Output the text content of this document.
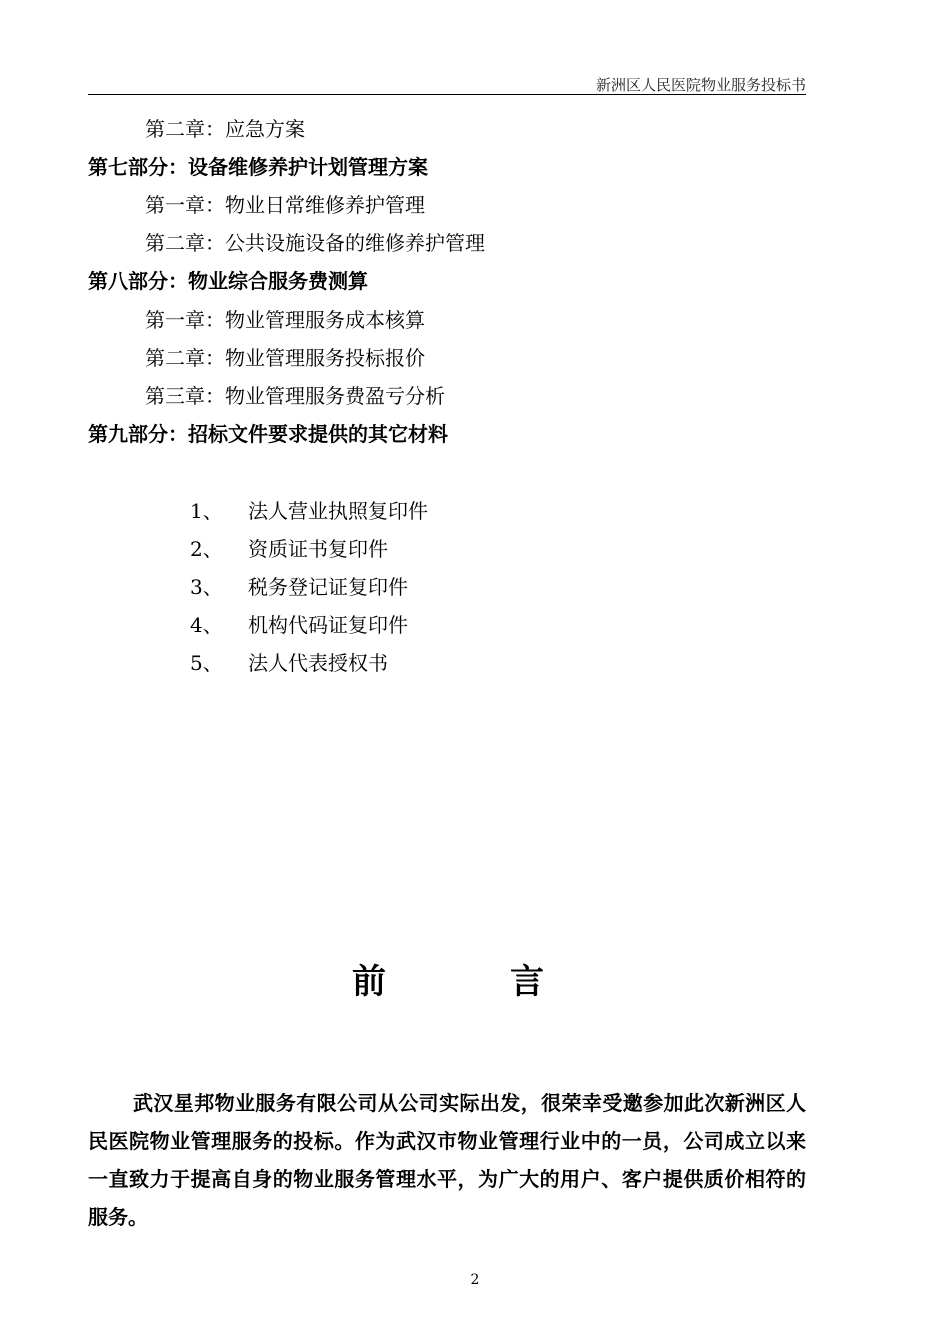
新洲区人民医院物业服务投标书
第二章：应急方案
第七部分：设备维修养护计划管理方案
第一章：物业日常维修养护管理
第二章：公共设施设备的维修养护管理
第八部分：物业综合服务费测算
第一章：物业管理服务成本核算
第二章：物业管理服务投标报价
第三章：物业管理服务费盈亏分析
第九部分：招标文件要求提供的其它材料
1、 法人营业执照复印件
2、 资质证书复印件
3、 税务登记证复印件
4、 机构代码证复印件
5、 法人代表授权书
前	言
武汉星邦物业服务有限公司从公司实际出发，很荣幸受邀参加此次新洲区人民医院物业管理服务的投标。作为武汉市物业管理行业中的一员，公司成立以来一直致力于提高自身的物业服务管理水平，为广大的用户、客户提供质价相符的服务。
2
